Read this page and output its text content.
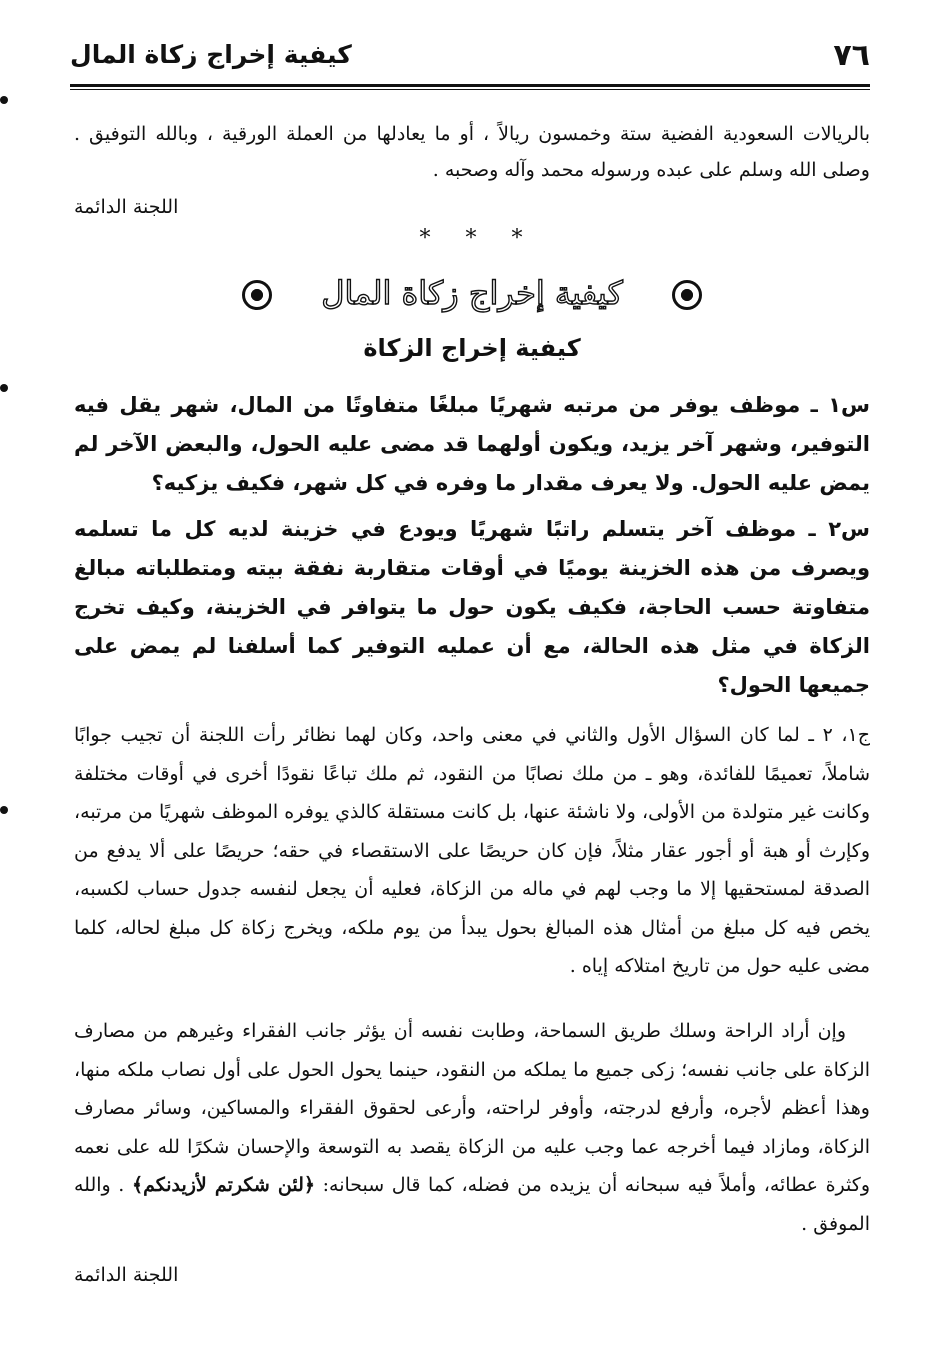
٧٦
كيفية إخراج زكاة المال

بالريالات السعودية الفضية ستة وخمسون ريالاً ، أو ما يعادلها من العملة الورقية ، وبالله التوفيق . وصلى الله وسلم على عبده ورسوله محمد وآله وصحبه .

اللجنة الدائمة
* * *
كيفية إخراج زكاة المال
كيفية إخراج الزكاة

س١ ـ موظف يوفر من مرتبه شهريًا مبلغًا متفاوتًا من المال، شهر يقل فيه التوفير، وشهر آخر يزيد، ويكون أولهما قد مضى عليه الحول، والبعض الآخر لم يمض عليه الحول. ولا يعرف مقدار ما وفره في كل شهر، فكيف يزكيه؟

س٢ ـ موظف آخر يتسلم راتبًا شهريًا ويودع في خزينة لديه كل ما تسلمه ويصرف من هذه الخزينة يوميًا في أوقات متقاربة نفقة بيته ومتطلباته مبالغ متفاوتة حسب الحاجة، فكيف يكون حول ما يتوافر في الخزينة، وكيف تخرج الزكاة في مثل هذه الحالة، مع أن عمليه التوفير كما أسلفنا لم يمض على جميعها الحول؟

ج١، ٢ ـ لما كان السؤال الأول والثاني في معنى واحد، وكان لهما نظائر رأت اللجنة أن تجيب جوابًا شاملاً، تعميمًا للفائدة، وهو ـ من ملك نصابًا من النقود، ثم ملك تباعًا نقودًا أخرى في أوقات مختلفة وكانت غير متولدة من الأولى، ولا ناشئة عنها، بل كانت مستقلة كالذي يوفره الموظف شهريًا من مرتبه، وكإرث أو هبة أو أجور عقار مثلاً، فإن كان حريصًا على الاستقصاء في حقه؛ حريصًا على ألا يدفع من الصدقة لمستحقيها إلا ما وجب لهم في ماله من الزكاة، فعليه أن يجعل لنفسه جدول حساب لكسبه، يخص فيه كل مبلغ من أمثال هذه المبالغ بحول يبدأ من يوم ملكه، ويخرج زكاة كل مبلغ لحاله، كلما مضى عليه حول من تاريخ امتلاكه إياه .

وإن أراد الراحة وسلك طريق السماحة، وطابت نفسه أن يؤثر جانب الفقراء وغيرهم من مصارف الزكاة على جانب نفسه؛ زكى جميع ما يملكه من النقود، حينما يحول الحول على أول نصاب ملكه منها، وهذا أعظم لأجره، وأرفع لدرجته، وأوفر لراحته، وأرعى لحقوق الفقراء والمساكين، وسائر مصارف الزكاة، ومازاد فيما أخرجه عما وجب عليه من الزكاة يقصد به التوسعة والإحسان شكرًا لله على نعمه وكثرة عطائه، وأملاً فيه سبحانه أن يزيده من فضله، كما قال سبحانه: ﴿لئن شكرتم لأزيدنكم﴾ . والله الموفق .

اللجنة الدائمة
